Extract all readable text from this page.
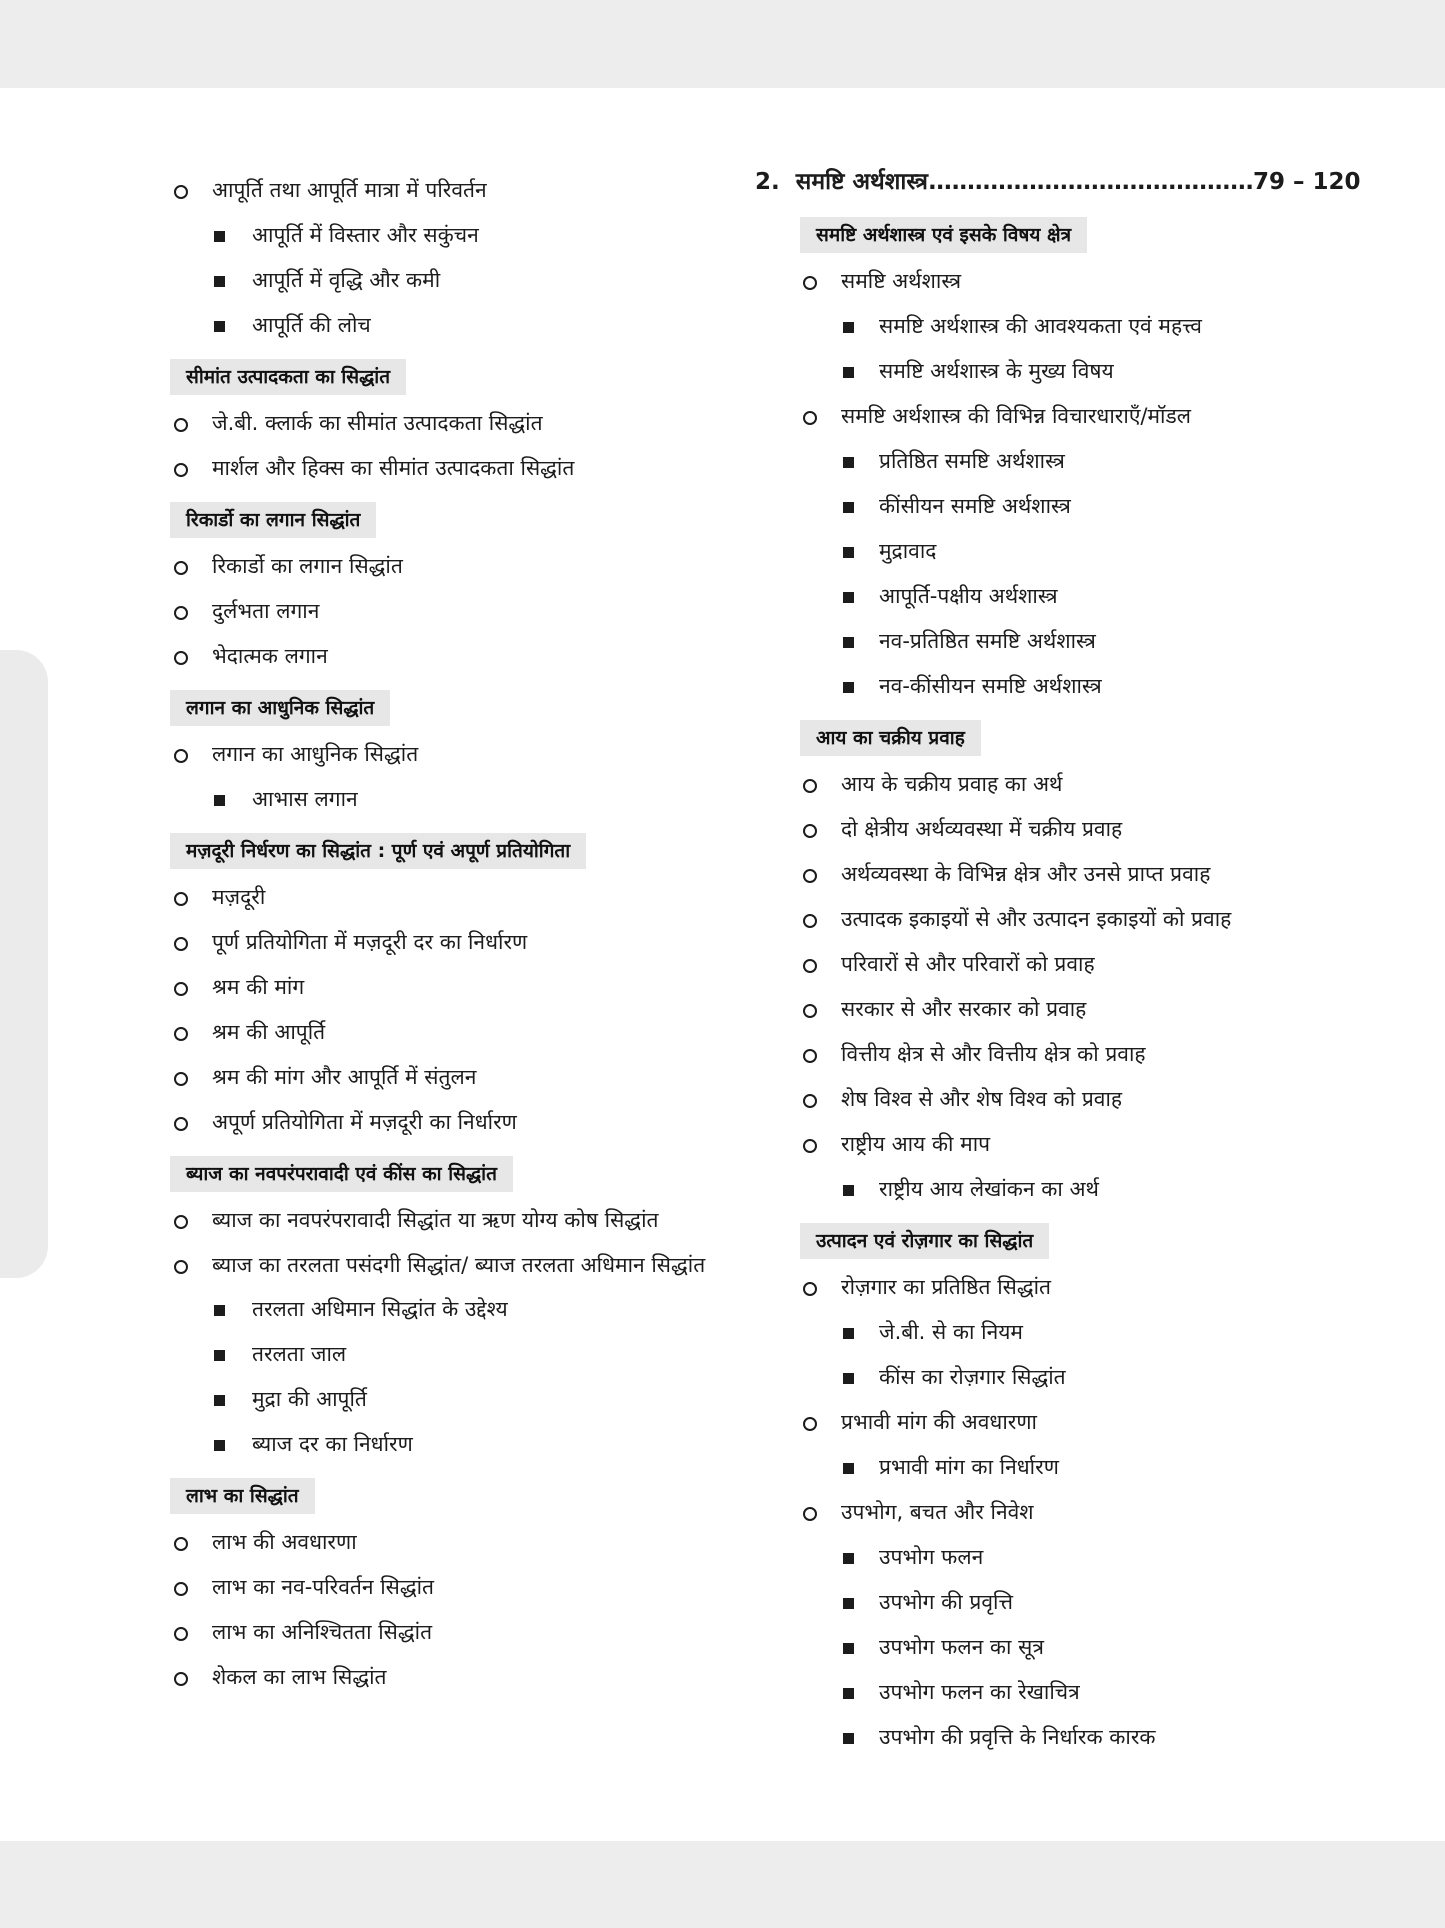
आपूर्ति तथा आपूर्ति मात्रा में परिवर्तन
आपूर्ति में विस्तार और सकुंचन
आपूर्ति में वृद्धि और कमी
आपूर्ति की लोच
सीमांत उत्पादकता का सिद्धांत
जे.बी. क्लार्क का सीमांत उत्पादकता सिद्धांत
मार्शल और हिक्स का सीमांत उत्पादकता सिद्धांत
रिकार्डो का लगान सिद्धांत
रिकार्डो का लगान सिद्धांत
दुर्लभता लगान
भेदात्मक लगान
लगान का आधुनिक सिद्धांत
लगान का आधुनिक सिद्धांत
आभास लगान
मज़दूरी निर्धरण का सिद्धांत : पूर्ण एवं अपूर्ण प्रतियोगिता
मज़दूरी
पूर्ण प्रतियोगिता में मज़दूरी दर का निर्धारण
श्रम की मांग
श्रम की आपूर्ति
श्रम की मांग और आपूर्ति में संतुलन
अपूर्ण प्रतियोगिता में मज़दूरी का निर्धारण
ब्याज का नवपरंपरावादी एवं कींस का सिद्धांत
ब्याज का नवपरंपरावादी सिद्धांत या ऋण योग्य कोष सिद्धांत
ब्याज का तरलता पसंदगी सिद्धांत/ ब्याज तरलता अधिमान सिद्धांत
तरलता अधिमान सिद्धांत के उद्देश्य
तरलता जाल
मुद्रा की आपूर्ति
ब्याज दर का निर्धारण
लाभ का सिद्धांत
लाभ की अवधारणा
लाभ का नव-परिवर्तन सिद्धांत
लाभ का अनिश्चितता सिद्धांत
शेकल का लाभ सिद्धांत
2. समष्टि अर्थशास्त्र..........................................79 – 120
समष्टि अर्थशास्त्र एवं इसके विषय क्षेत्र
समष्टि अर्थशास्त्र
समष्टि अर्थशास्त्र की आवश्यकता एवं महत्त्व
समष्टि अर्थशास्त्र के मुख्य विषय
समष्टि अर्थशास्त्र की विभिन्न विचारधाराएँ/मॉडल
प्रतिष्ठित समष्टि अर्थशास्त्र
कींसीयन समष्टि अर्थशास्त्र
मुद्रावाद
आपूर्ति-पक्षीय अर्थशास्त्र
नव-प्रतिष्ठित समष्टि अर्थशास्त्र
नव-कींसीयन समष्टि अर्थशास्त्र
आय का चक्रीय प्रवाह
आय के चक्रीय प्रवाह का अर्थ
दो क्षेत्रीय अर्थव्यवस्था में चक्रीय प्रवाह
अर्थव्यवस्था के विभिन्न क्षेत्र और उनसे प्राप्त प्रवाह
उत्पादक इकाइयों से और उत्पादन इकाइयों को प्रवाह
परिवारों से और परिवारों को प्रवाह
सरकार से और सरकार को प्रवाह
वित्तीय क्षेत्र से और वित्तीय क्षेत्र को प्रवाह
शेष विश्व से और शेष विश्व को प्रवाह
राष्ट्रीय आय की माप
राष्ट्रीय आय लेखांकन का अर्थ
उत्पादन एवं रोज़गार का सिद्धांत
रोज़गार का प्रतिष्ठित सिद्धांत
जे.बी. से का नियम
कींस का रोज़गार सिद्धांत
प्रभावी मांग की अवधारणा
प्रभावी मांग का निर्धारण
उपभोग, बचत और निवेश
उपभोग फलन
उपभोग की प्रवृत्ति
उपभोग फलन का सूत्र
उपभोग फलन का रेखाचित्र
उपभोग की प्रवृत्ति के निर्धारक कारक
